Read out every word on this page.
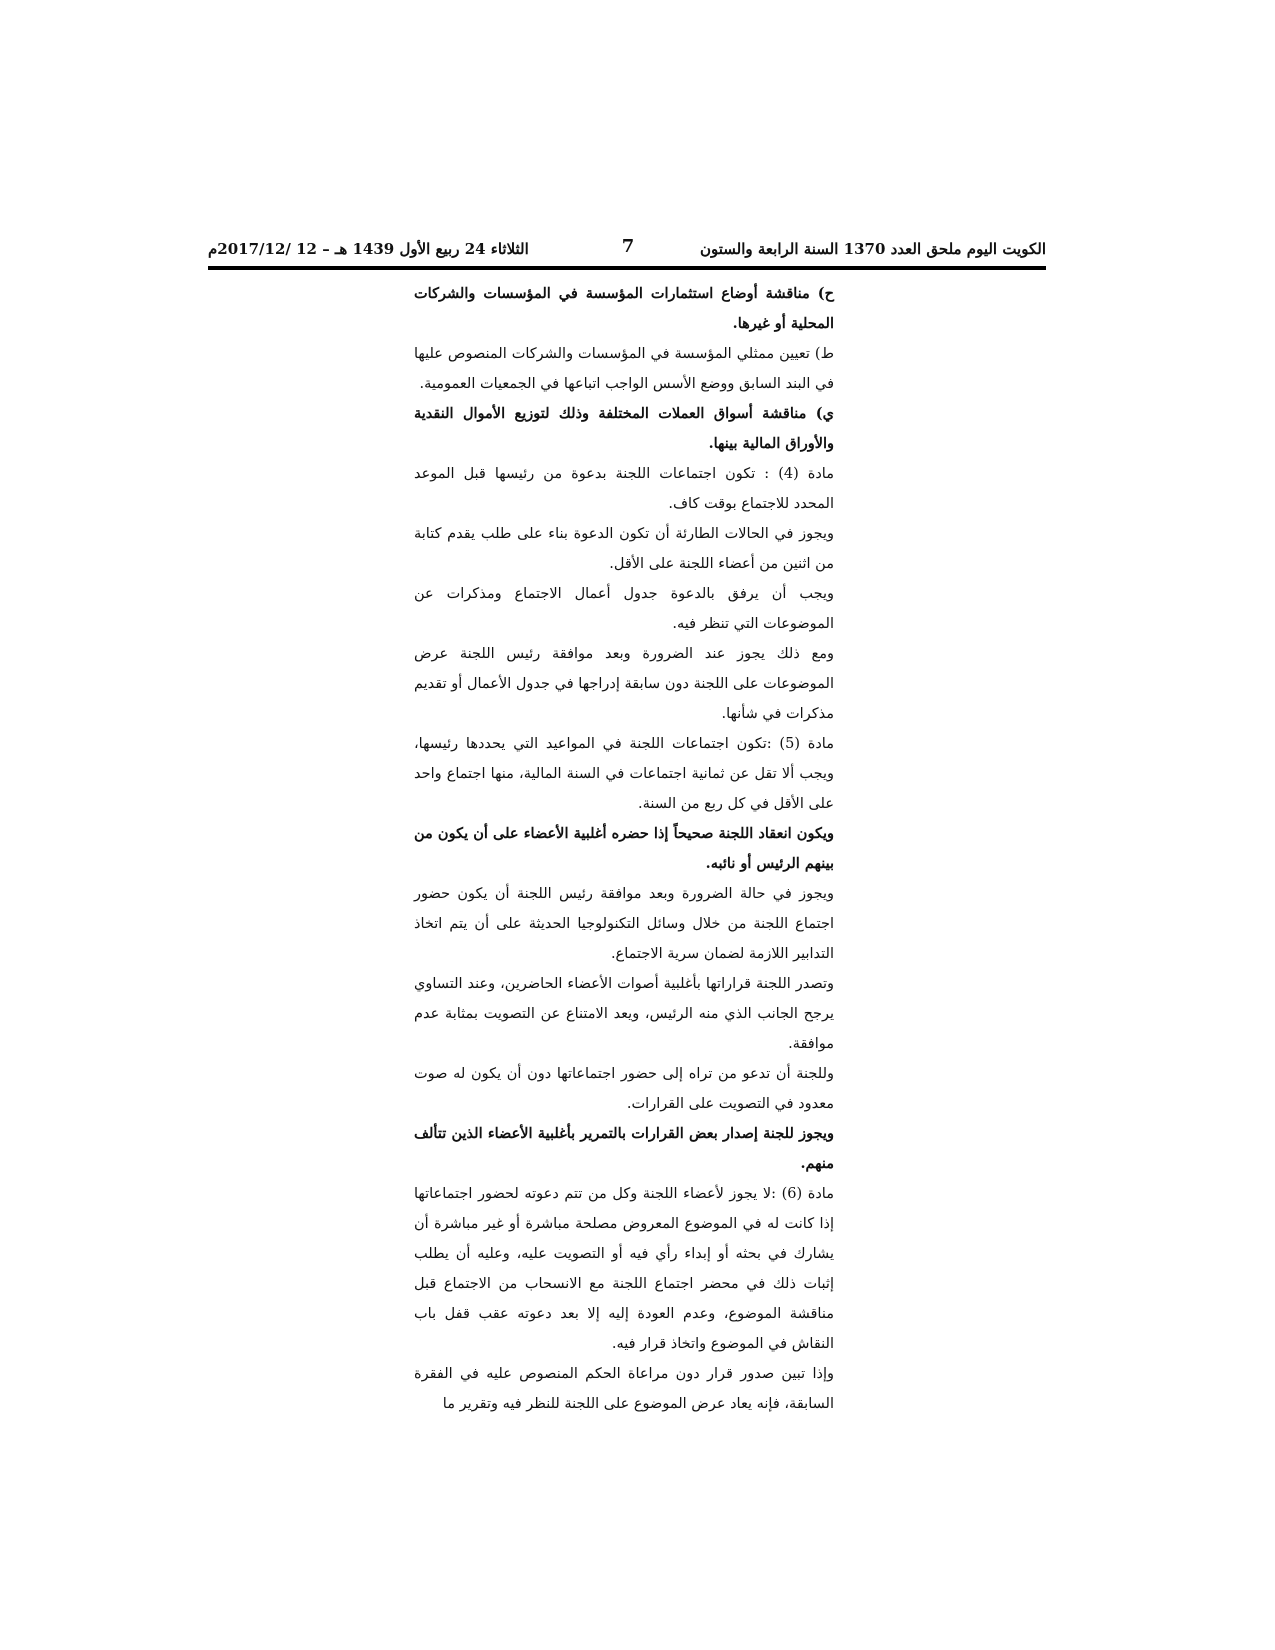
الكويت اليوم ملحق العدد 1370 السنة الرابعة والستون
7
الثلاثاء 24 ربيع الأول 1439 هـ – 12 /2017/12م

ح) مناقشة أوضاع استثمارات المؤسسة في المؤسسات والشركات المحلية أو غيرها.

ط) تعيين ممثلي المؤسسة في المؤسسات والشركات المنصوص عليها في البند السابق ووضع الأسس الواجب اتباعها في الجمعيات العمومية.

ي) مناقشة أسواق العملات المختلفة وذلك لتوزيع الأموال النقدية والأوراق المالية بينها.

مادة (4) : تكون اجتماعات اللجنة بدعوة من رئيسها قبل الموعد المحدد للاجتماع بوقت كاف.

ويجوز في الحالات الطارئة أن تكون الدعوة بناء على طلب يقدم كتابة من اثنين من أعضاء اللجنة على الأقل.

ويجب أن يرفق بالدعوة جدول أعمال الاجتماع ومذكرات عن الموضوعات التي تنظر فيه.

ومع ذلك يجوز عند الضرورة وبعد موافقة رئيس اللجنة عرض الموضوعات على اللجنة دون سابقة إدراجها في جدول الأعمال أو تقديم مذكرات في شأنها.

مادة (5) :تكون اجتماعات اللجنة في المواعيد التي يحددها رئيسها، ويجب ألا تقل عن ثمانية اجتماعات في السنة المالية، منها اجتماع واحد على الأقل في كل ربع من السنة.

ويكون انعقاد اللجنة صحيحاً إذا حضره أغلبية الأعضاء على أن يكون من بينهم الرئيس أو نائبه.

ويجوز في حالة الضرورة وبعد موافقة رئيس اللجنة أن يكون حضور اجتماع اللجنة من خلال وسائل التكنولوجيا الحديثة على أن يتم اتخاذ التدابير اللازمة لضمان سرية الاجتماع.

وتصدر اللجنة قراراتها بأغلبية أصوات الأعضاء الحاضرين، وعند التساوي يرجح الجانب الذي منه الرئيس، ويعد الامتناع عن التصويت بمثابة عدم موافقة.

وللجنة أن تدعو من تراه إلى حضور اجتماعاتها دون أن يكون له صوت معدود في التصويت على القرارات.

ويجوز للجنة إصدار بعض القرارات بالتمرير بأغلبية الأعضاء الذين تتألف منهم.

مادة (6) :لا يجوز لأعضاء اللجنة وكل من تتم دعوته لحضور اجتماعاتها إذا كانت له في الموضوع المعروض مصلحة مباشرة أو غير مباشرة أن يشارك في بحثه أو إبداء رأي فيه أو التصويت عليه، وعليه أن يطلب إثبات ذلك في محضر اجتماع اللجنة مع الانسحاب من الاجتماع قبل مناقشة الموضوع، وعدم العودة إليه إلا بعد دعوته عقب قفل باب النقاش في الموضوع واتخاذ قرار فيه.

وإذا تبين صدور قرار دون مراعاة الحكم المنصوص عليه في الفقرة السابقة، فإنه يعاد عرض الموضوع على اللجنة للنظر فيه وتقرير ما
